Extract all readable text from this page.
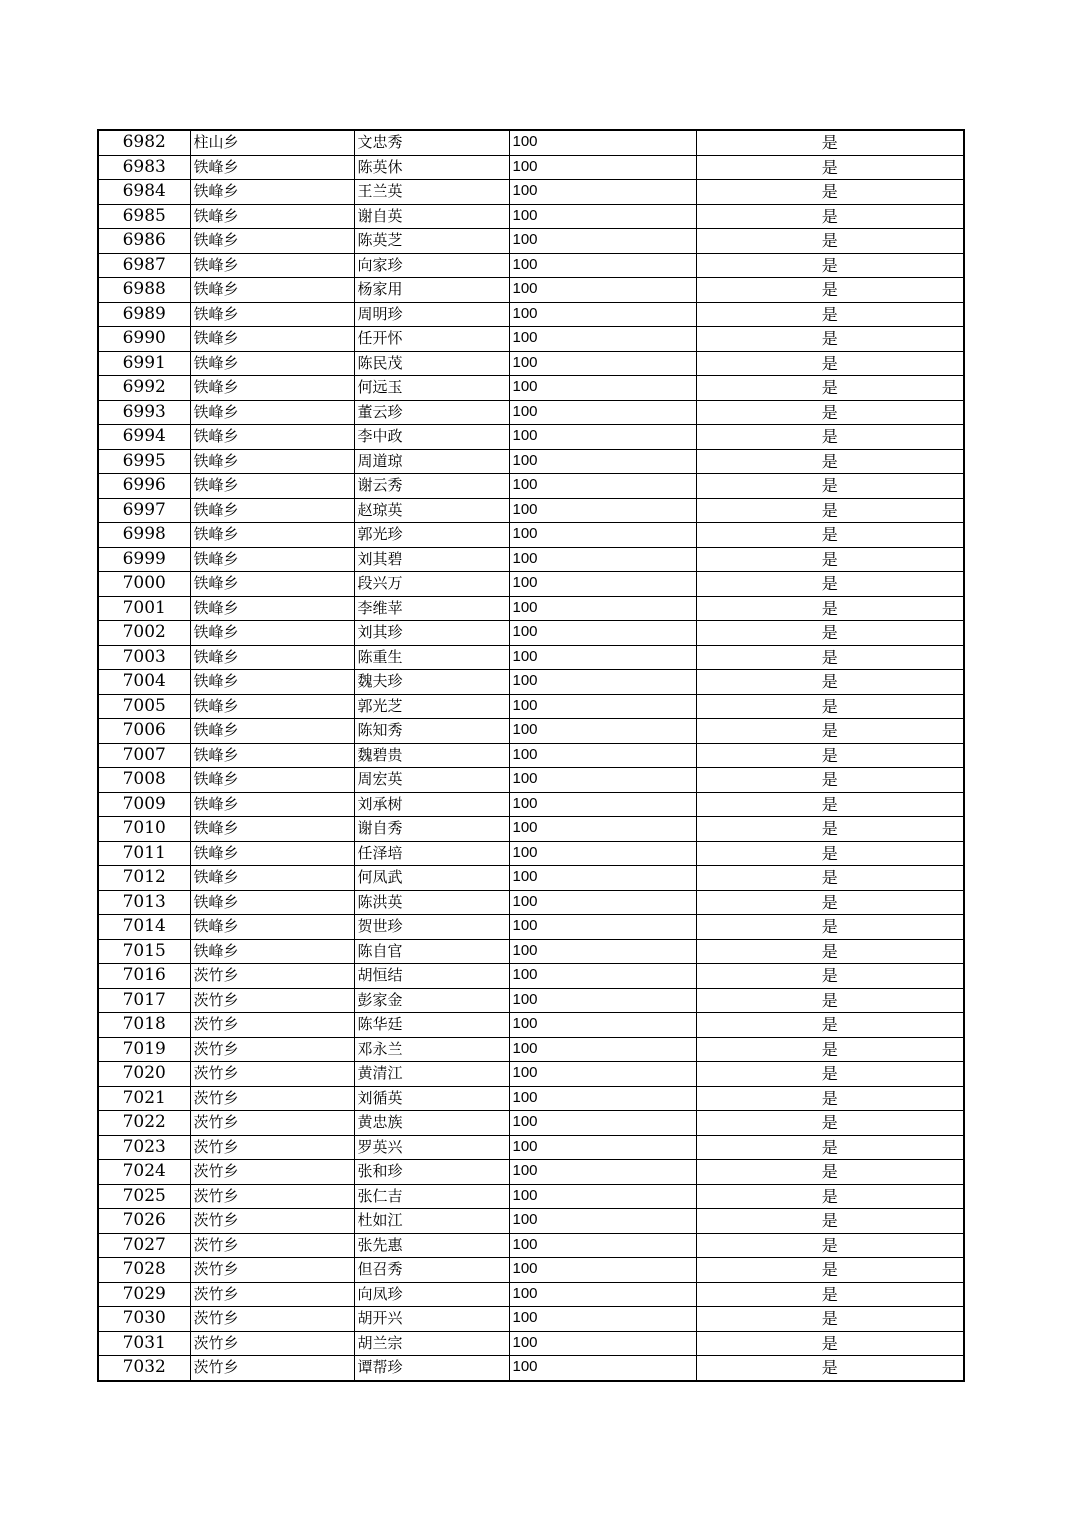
6982	柱山乡	文忠秀	100	是
6983	铁峰乡	陈英休	100	是
6984	铁峰乡	王兰英	100	是
6985	铁峰乡	谢自英	100	是
6986	铁峰乡	陈英芝	100	是
6987	铁峰乡	向家珍	100	是
6988	铁峰乡	杨家用	100	是
6989	铁峰乡	周明珍	100	是
6990	铁峰乡	任开怀	100	是
6991	铁峰乡	陈民茂	100	是
6992	铁峰乡	何远玉	100	是
6993	铁峰乡	董云珍	100	是
6994	铁峰乡	李中政	100	是
6995	铁峰乡	周道琼	100	是
6996	铁峰乡	谢云秀	100	是
6997	铁峰乡	赵琼英	100	是
6998	铁峰乡	郭光珍	100	是
6999	铁峰乡	刘其碧	100	是
7000	铁峰乡	段兴万	100	是
7001	铁峰乡	李维苹	100	是
7002	铁峰乡	刘其珍	100	是
7003	铁峰乡	陈重生	100	是
7004	铁峰乡	魏夫珍	100	是
7005	铁峰乡	郭光芝	100	是
7006	铁峰乡	陈知秀	100	是
7007	铁峰乡	魏碧贵	100	是
7008	铁峰乡	周宏英	100	是
7009	铁峰乡	刘承树	100	是
7010	铁峰乡	谢自秀	100	是
7011	铁峰乡	任泽培	100	是
7012	铁峰乡	何凤武	100	是
7013	铁峰乡	陈洪英	100	是
7014	铁峰乡	贺世珍	100	是
7015	铁峰乡	陈自官	100	是
7016	茨竹乡	胡恒结	100	是
7017	茨竹乡	彭家金	100	是
7018	茨竹乡	陈华廷	100	是
7019	茨竹乡	邓永兰	100	是
7020	茨竹乡	黄清江	100	是
7021	茨竹乡	刘循英	100	是
7022	茨竹乡	黄忠族	100	是
7023	茨竹乡	罗英兴	100	是
7024	茨竹乡	张和珍	100	是
7025	茨竹乡	张仁吉	100	是
7026	茨竹乡	杜如江	100	是
7027	茨竹乡	张先惠	100	是
7028	茨竹乡	但召秀	100	是
7029	茨竹乡	向凤珍	100	是
7030	茨竹乡	胡开兴	100	是
7031	茨竹乡	胡兰宗	100	是
7032	茨竹乡	谭帮珍	100	是
